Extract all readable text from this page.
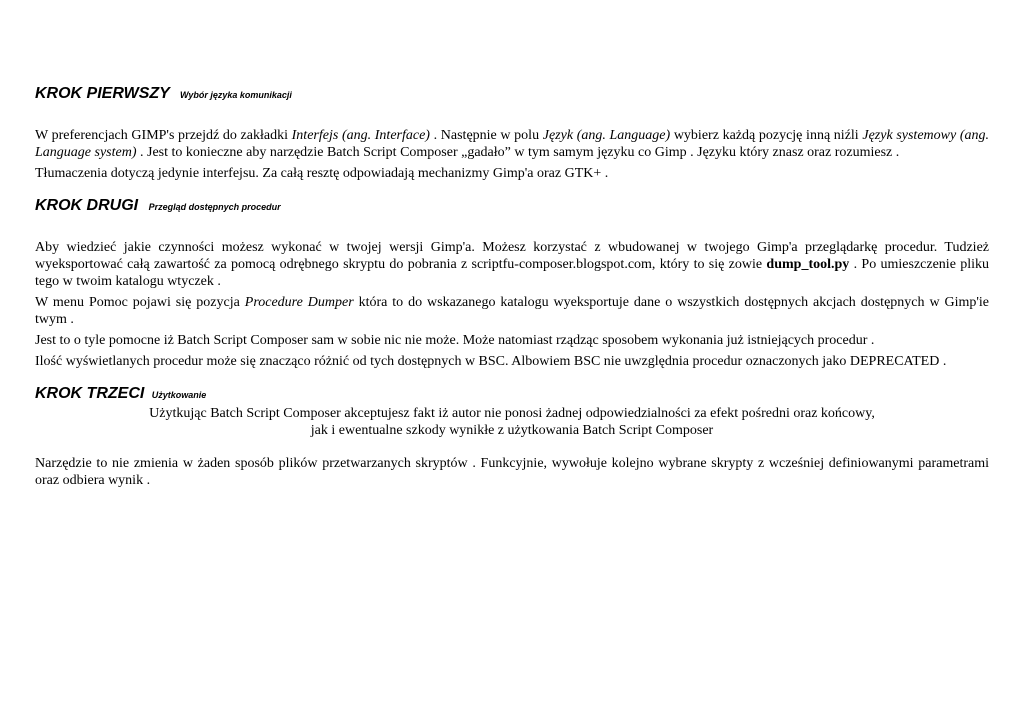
KROK PIERWSZY Wybór języka komunikacji

W preferencjach GIMP's przejdź do zakładki Interfejs (ang. Interface) . Następnie w polu Język (ang. Language) wybierz każdą pozycję inną niźli Język systemowy (ang. Language system) . Jest to konieczne aby narzędzie Batch Script Composer „gadało” w tym samym języku co Gimp . Języku który znasz oraz rozumiesz .

Tłumaczenia dotyczą jedynie interfejsu. Za całą resztę odpowiadają mechanizmy Gimp'a oraz GTK+ .

KROK DRUGI Przegląd dostępnych procedur

Aby wiedzieć jakie czynności możesz wykonać w twojej wersji Gimp'a. Możesz korzystać z wbudowanej w twojego Gimp'a przeglądarkę procedur. Tudzież wyeksportować całą zawartość za pomocą odrębnego skryptu do pobrania z scriptfu-composer.blogspot.com, który to się zowie dump_tool.py . Po umieszczenie pliku tego w twoim katalogu wtyczek .

W menu Pomoc pojawi się pozycja Procedure Dumper która to do wskazanego katalogu wyeksportuje dane o wszystkich dostępnych akcjach dostępnych w Gimp'ie twym .

Jest to o tyle pomocne iż Batch Script Composer sam w sobie nic nie może. Może natomiast rządząc sposobem wykonania już istniejących procedur .

Ilość wyświetlanych procedur może się znacząco różnić od tych dostępnych w BSC. Albowiem BSC nie uwzględnia procedur oznaczonych jako DEPRECATED .

KROK TRZECI Użytkowanie

Użytkując Batch Script Composer akceptujesz fakt iż autor nie ponosi żadnej odpowiedzialności za efekt pośredni oraz końcowy,

jak i ewentualne szkody wynikłe z użytkowania Batch Script Composer

Narzędzie to nie zmienia w żaden sposób plików przetwarzanych skryptów . Funkcyjnie, wywołuje kolejno wybrane skrypty z wcześniej definiowanymi parametrami oraz odbiera wynik .
